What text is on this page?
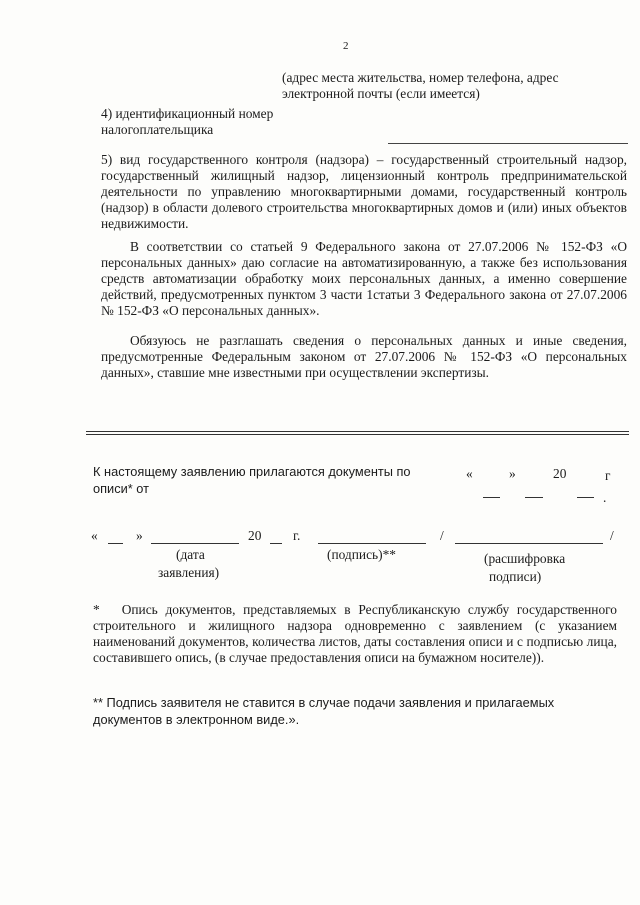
2
(адрес места жительства, номер телефона, адрес электронной почты (если имеется)
4) идентификационный номер налогоплательщика
5) вид государственного контроля (надзора) – государственный строительный надзор, государственный жилищный надзор, лицензионный контроль предпринимательской деятельности по управлению многоквартирными домами, государственный контроль (надзор) в области долевого строительства многоквартирных домов и (или) иных объектов недвижимости.
В соответствии со статьей 9 Федерального закона от 27.07.2006 № 152-ФЗ «О персональных данных» даю согласие на автоматизированную, а также без использования средств автоматизации обработку моих персональных данных, а именно совершение действий, предусмотренных пунктом 3 части 1статьи 3 Федерального закона от 27.07.2006 № 152-ФЗ «О персональных данных».
Обязуюсь не разглашать сведения о персональных данных и иные сведения, предусмотренные Федеральным законом от 27.07.2006 № 152-ФЗ «О персональных данных», ставшие мне известными при осуществлении экспертизы.
К настоящему заявлению прилагаются документы по описи* от
«	»	20	г
.
«	»	20 г.	/	/
(дата
заявления)
(подпись)**	(расшифровка
подписи)
* Опись документов, представляемых в Республиканскую службу государственного строительного и жилищного надзора одновременно с заявлением (с указанием наименований документов, количества листов, даты составления описи и с подписью лица, составившего опись, (в случае предоставления описи на бумажном носителе)).
** Подпись заявителя не ставится в случае подачи заявления и прилагаемых документов в электронном виде.».
